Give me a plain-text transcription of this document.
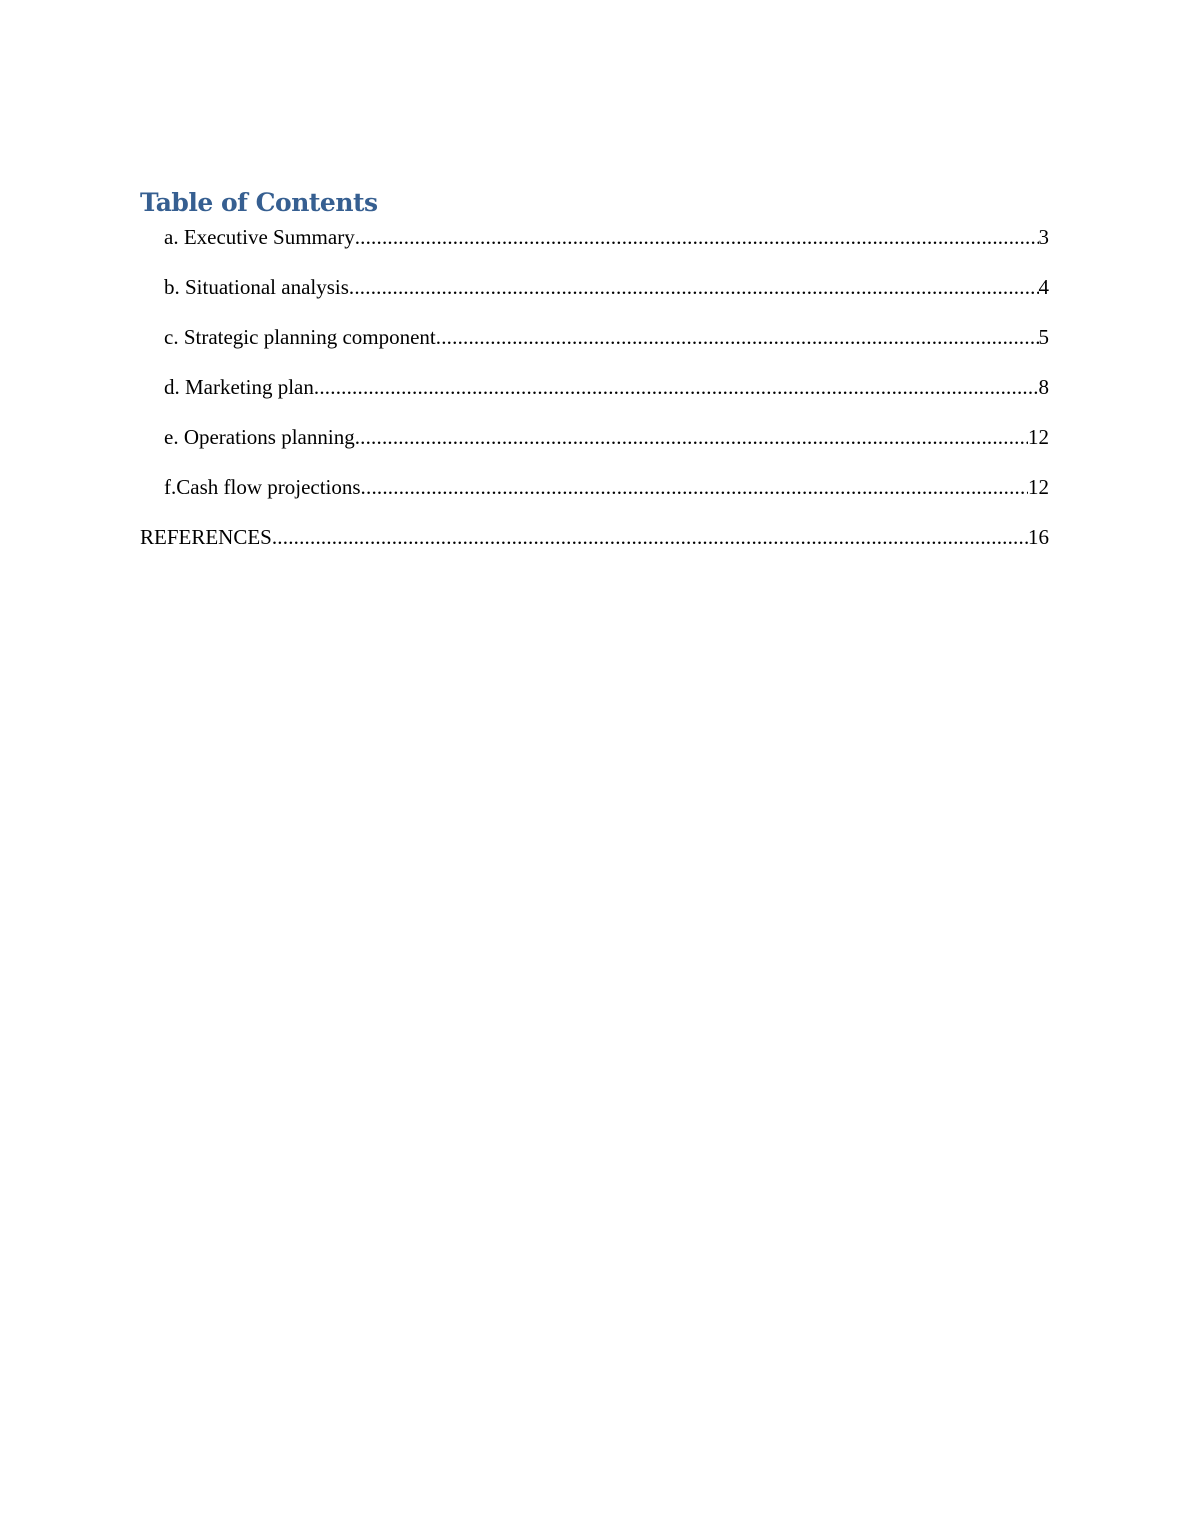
Table of Contents
a. Executive Summary .....	3
b. Situational analysis .....	4
c. Strategic planning component .....	5
d. Marketing plan .....	8
e. Operations planning .....	12
f.Cash flow projections .....	12
REFERENCES .....	16
